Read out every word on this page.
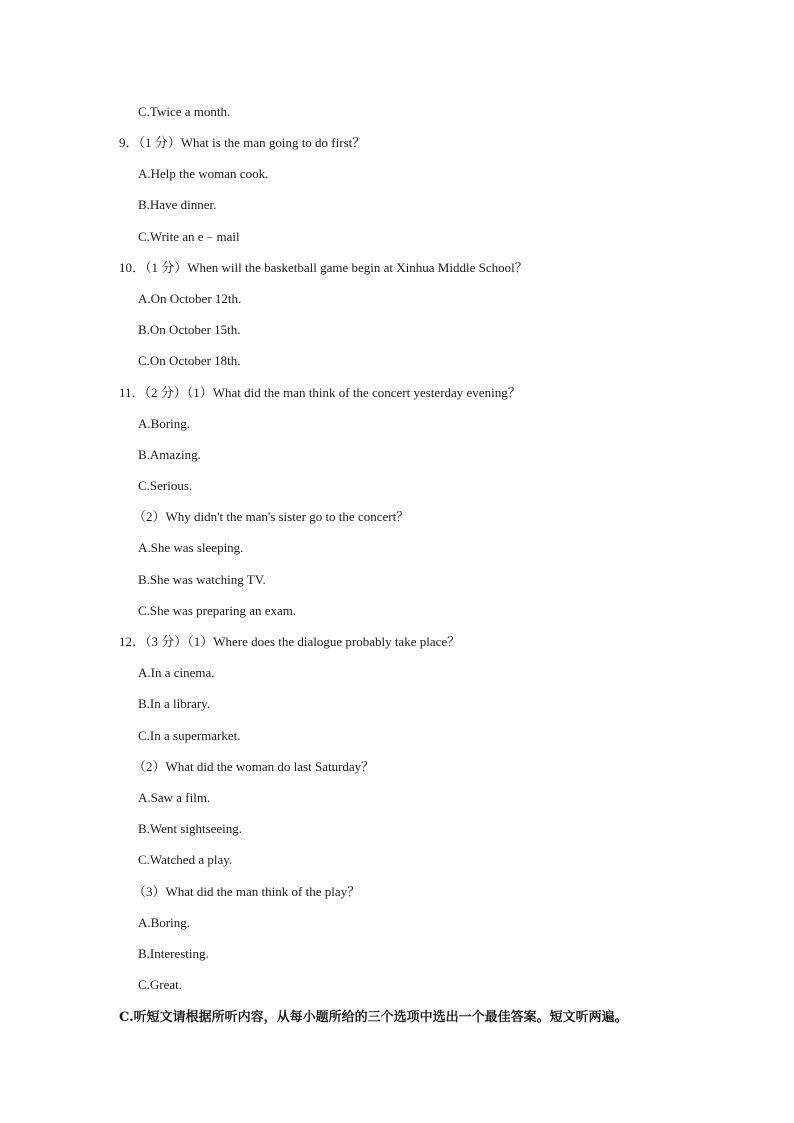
C.Twice a month.
9．（1 分）What is the man going to do first？
A.Help the woman cook.
B.Have dinner.
C.Write an e﹣mail
10．（1 分）When will the basketball game begin at Xinhua Middle School？
A.On October 12th.
B.On October 15th.
C.On October 18th.
11．（2 分）（1）What did the man think of the concert yesterday evening？
A.Boring.
B.Amazing.
C.Serious.
（2）Why didn't the man's sister go to the concert？
A.She was sleeping.
B.She was watching TV.
C.She was preparing an exam.
12．（3 分）（1）Where does the dialogue probably take place？
A.In a cinema.
B.In a library.
C.In a supermarket.
（2）What did the woman do last Saturday？
A.Saw a film.
B.Went sightseeing.
C.Watched a play.
（3）What did the man think of the play？
A.Boring.
B.Interesting.
C.Great.
C.听短文请根据所听内容，从每小题所给的三个选项中选出一个最佳答案。短文听两遍。
